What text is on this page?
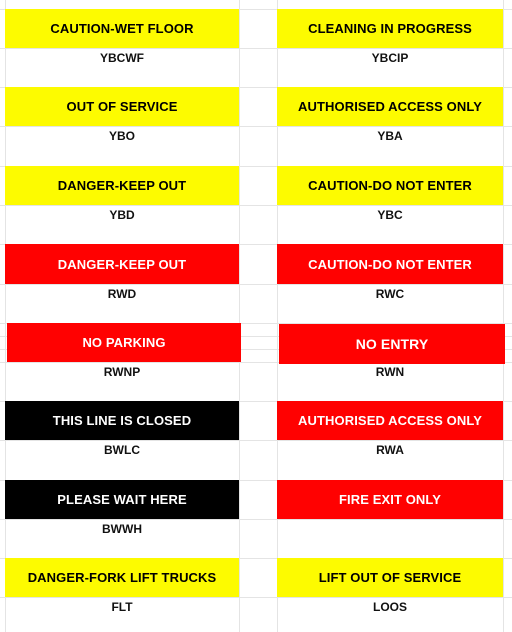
CAUTION-WET FLOOR
YBCWF
CLEANING IN PROGRESS
YBCIP
OUT OF SERVICE
YBO
AUTHORISED ACCESS ONLY
YBA
DANGER-KEEP OUT
YBD
CAUTION-DO NOT ENTER
YBC
DANGER-KEEP OUT
RWD
CAUTION-DO NOT ENTER
RWC
NO PARKING
RWNP
NO ENTRY
RWN
THIS LINE IS CLOSED
BWLC
AUTHORISED ACCESS ONLY
RWA
PLEASE WAIT HERE
BWWH
FIRE EXIT ONLY
DANGER-FORK LIFT TRUCKS
FLT
LIFT OUT OF SERVICE
LOOS
